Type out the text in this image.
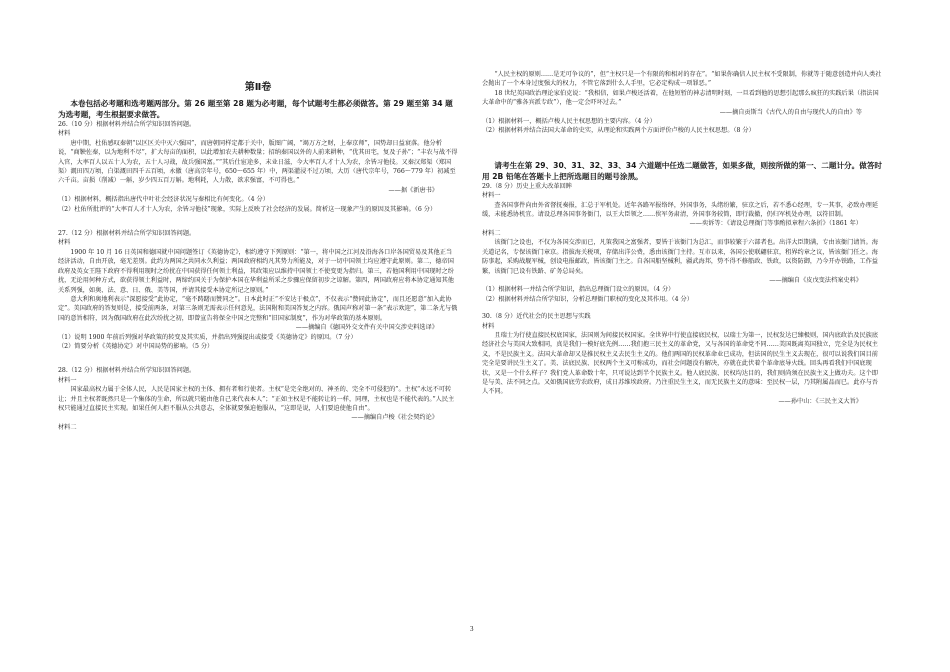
第Ⅱ卷
本卷包括必考题和选考题两部分。第 26 题至第 28 题为必考题，每个试题考生都必须做答。第 29 题至第 34 题为选考题，考生根据要求做答。
26.（10 分）根据材料并结合所学知识回答问题。
材料
唐中期，杜佑感叹秦朝“以区区关中灭六强国”，而唐朝同样定都于关中，版图广阔，“竭万方之财，上奉京师”，国势却日益衰落。他分析说，“商鞅佐秦，以为地利不尽”，扩大每亩的面积，以此增加农夫耕种数量；招纳秦国以外的人前来耕种，“优其田宅，复及子孙”；“丰农与战不得入官，大率百人以五十人为农，五十人习战，故兵强国富。”“其后仕宦途多，末业日滋，今大率百人才十人为农，余皆习他技。又秦汉郑渠（郑国渠）溉田四万顷，白渠溉田四千五百顷，永徽（唐高宗年号，650～655 年）中，两渠灌浸不过万顷，大历（唐代宗年号，766～779 年）初减至六千亩。亩损（削减）一斛，岁少四五百万斛。地利耗，人力散，欲求强富，不可得也。”
——据《新唐书》
（1）根据材料，概括指出唐代中叶社会经济状况与秦相比有何变化。（4 分）
（2）杜佑所批评的“大率百人才十人为农，余皆习他技”现象，实际上反映了社会经济的发展。简析这一现象产生的原因及其影响。（6 分）
27.（12 分）根据材料并结合所学知识回答问题。
材料
1900 年 10 月 16 日英国和德国就中国问题签订《英德协定》，相约遵守下列原则：“第一，将中国之江河及沿海各口岸各国贸易及其他正当经济活动，自由开放，毫无差别。此约为两国之共同永久利益；两国政府相约凡其势力所能及，对于一切中国领土均应遵守此原则。第二，德帝国政府及英女王陛下政府不得利用现时之纷扰在中国获得任何领土利益，其政策应以维持中国领土不使变更为指归。第三，若他国利用中国现时之纷扰，无论用何种方式，欲获得领土利益时，两缔约国关于为保护本国在华利益所采之步骤应保留初步之谅解。第四，两国政府应将本协定通知其他关系列强，如奥、法、意、日、俄、美等国，并请其接受本协定所记之原则。”
意大利和奥地利表示“深愿接受”此协定，“毫不踌躇而赞同之”。日本此时正“不安达于极点”，不仅表示“赞同此协定”，而且还愿意“加入此协定”。美国政府的答复则是，接受前两条，对第三条则无需表示任何意见，法国附和美国答复之内容。俄国声称对第一条“表示欢迎”，第二条尤与俄国的意旨相符，因为俄国政府在此次纷扰之初，即曾宣告将保全中国之完整和“旧国家制度”，作为对华政策的基本原则。
——摘编自《德国外交文件有关中国交涉史料选译》
（1）说明 1900 年前后列强对华政策的转变及其实质，并指出列强提出或接受《英德协定》的原因。（7 分）
（2）简要分析《英德协定》对中国局势的影响。（5 分）
28.（12 分）根据材料并结合所学知识回答问题。
材料一
国家最高权力属于全体人民，人民是国家主权的主体、拥有者和行使者。主权“是完全绝对的、神圣的、完全不可侵犯的”。主权“永远不可转让；并且主权者既然只是一个集体的生命，所以就只能由他自己来代表本人”；“正如主权是不能转让的一样，同理，主权也是不能代表的。”人民主权只能通过直接民主实现。如果任何人拒不服从公共意志，全体就要强迫他服从，“这即是说，人们要迫使他自由”。
——摘编自卢梭《社会契约论》
材料二
“人民主权的原则……是无可争议的”，但“主权只是一个有限的和相对的存在”。“如果你确信人民主权不受限制，你就等于随意创造并向人类社会抛出了一个本身过度强大的权力，不管它落到什么人手里，它必定构成一项罪恶。”
18 世纪英国政治理论家伯克说：“我相信，如果卢梭还活着，在他短暂的神志清明时刻，一旦看到他的思想引起那么疯狂的实践后果（指法国大革命中的“雅各宾派专政”），他一定会吓坏过去。”
——摘自贡斯当《古代人的自由与现代人的自由》等
（1）根据材料一，概括卢梭人民主权思想的主要内容。（4 分）
（2）根据材料并结合法国大革命的史实，从理论和实践两个方面评价卢梭的人民主权思想。（8 分）
请考生在第 29、30、31、32、33、34 六道题中任选二题做答，如果多做，则按所做的第一、二题计分。做答时用 2B 铅笔在答题卡上把所选题目的题号涂黑。
29.（8 分）历史上重大改革回眸
材料一
查各国事件向由外省督抚奏报，汇总于军机处。近年各路军报络绎，外国事务，头绪纷繁，驻京之后，若不悉心经理，专一其事，必致办理延缓，未能悉协机宜。请设总理各国事务衙门，以王大臣领之……俟军务肃清，外国事务较简，即行裁撤，仍归军机处办理，以符旧制。
——奕诉等：《请设总理衙门等事酌拟章程六条折》（1861 年）
材料二
该衙门之设也，不仅为各国交涉而已，凡策我国之富强者，要皆于该衙门为总汇，而事较繁于六部者也。出洋大臣期满，专由该衙门请旨。海关道记名，专保该衙门章京。指拔海关税项，存储出洋公费，悉由该衙门主持。互市以来，各国公使联翩驻京，租界约章之议，皆该衙门任之。海防事起，采购战舰军械，创设电报邮政，皆该衙门主之。自各国船坚械利，疆武海邦，势不得不修船政、铁政，以资防御，乃今开办铁路，工作益繁，该衙门已设有铁路、矿务总局矣。
——摘编自《皮戊变法档案史料》
（1）根据材料一并结合所学知识，指出总理衙门设立的原因。（4 分）
（2）根据材料并结合所学知识，分析总理衙门职权的变化及其作用。（4 分）
30.（8 分）近代社会的民主思想与实践
材料
且瑞士为行使直接民权底国家，法国则为间接民权国家。全世界中行使直接底民权，以瑞士为第一，民权发达已臻极则，国内底政治及民族底经济社会与美国大致相同，真是我们一模好底先例……我们抱三民主义的革命党，又与各国的革命党不同……美国既离英国独立，完全是为民权主义，不是民族主义。法国大革命却又是推民权主义去民生主义的。他们两国的民权革命业已成功，但法国的民生主义去现在，很可以说我们国目前完全是要讲民生主义了。美、法底民族、民权两个主义可称成功，而社会问题没有解决，亦就在此伏着个革命底导火线。回头再看我们中国底现状，又是一个什么样子？我们党人革命数十年，只可说达到半个民族主义。他人底民族、民权均达目的，我们则尚须在民族主义上做功夫。这个即是与美、法不同之点。又如俄国底劳农政府，成日苏维埃政府。乃注重民生主义，而无民族主义的意味：至民权一层，乃其附属品而已。此亦与吾人不同。
——孙中山：《三民主义大旨》
3
